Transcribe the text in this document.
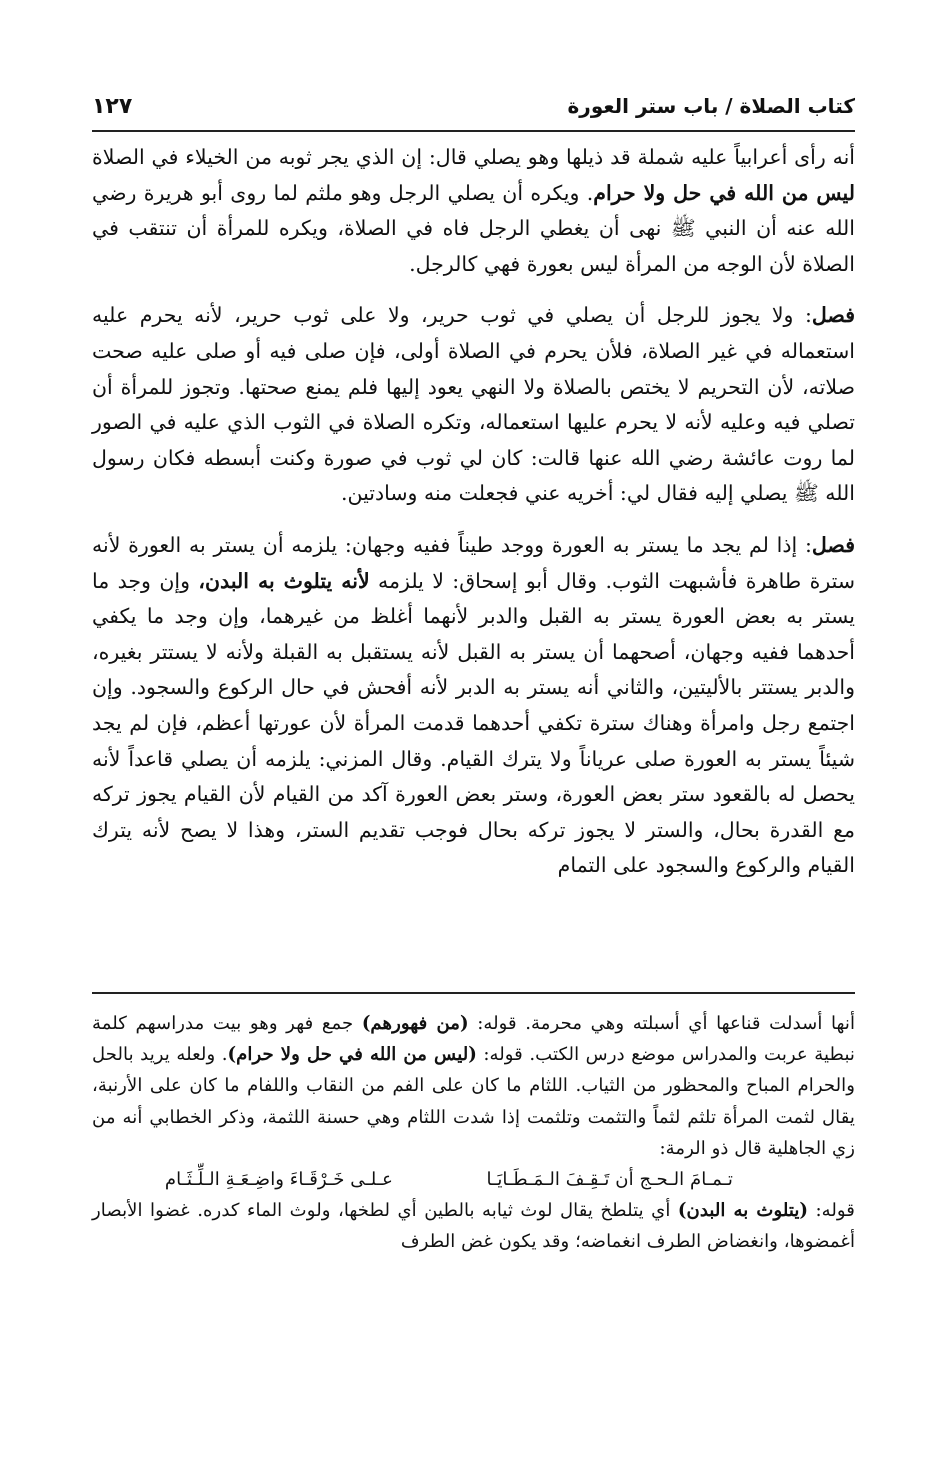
كتاب الصلاة / باب ستر العورة
١٢٧

أنه رأى أعرابياً عليه شملة قد ذيلها وهو يصلي قال: إن الذي يجر ثوبه من الخيلاء في الصلاة ليس من الله في حل ولا حرام. ويكره أن يصلي الرجل وهو ملثم لما روى أبو هريرة رضي الله عنه أن النبي ﷺ نهى أن يغطي الرجل فاه في الصلاة، ويكره للمرأة أن تنتقب في الصلاة لأن الوجه من المرأة ليس بعورة فهي كالرجل.

فصل: ولا يجوز للرجل أن يصلي في ثوب حرير، ولا على ثوب حرير، لأنه يحرم عليه استعماله في غير الصلاة، فلأن يحرم في الصلاة أولى، فإن صلى فيه أو صلى عليه صحت صلاته، لأن التحريم لا يختص بالصلاة ولا النهي يعود إليها فلم يمنع صحتها. وتجوز للمرأة أن تصلي فيه وعليه لأنه لا يحرم عليها استعماله، وتكره الصلاة في الثوب الذي عليه في الصور لما روت عائشة رضي الله عنها قالت: كان لي ثوب في صورة وكنت أبسطه فكان رسول الله ﷺ يصلي إليه فقال لي: أخريه عني فجعلت منه وسادتين.

فصل: إذا لم يجد ما يستر به العورة ووجد طيناً ففيه وجهان: يلزمه أن يستر به العورة لأنه سترة طاهرة فأشبهت الثوب. وقال أبو إسحاق: لا يلزمه لأنه يتلوث به البدن، وإن وجد ما يستر به بعض العورة يستر به القبل والدبر لأنهما أغلظ من غيرهما، وإن وجد ما يكفي أحدهما ففيه وجهان، أصحهما أن يستر به القبل لأنه يستقبل به القبلة ولأنه لا يستتر بغيره، والدبر يستتر بالأليتين، والثاني أنه يستر به الدبر لأنه أفحش في حال الركوع والسجود. وإن اجتمع رجل وامرأة وهناك سترة تكفي أحدهما قدمت المرأة لأن عورتها أعظم، فإن لم يجد شيئاً يستر به العورة صلى عرياناً ولا يترك القيام. وقال المزني: يلزمه أن يصلي قاعداً لأنه يحصل له بالقعود ستر بعض العورة، وستر بعض العورة آكد من القيام لأن القيام يجوز تركه مع القدرة بحال، والستر لا يجوز تركه بحال فوجب تقديم الستر، وهذا لا يصح لأنه يترك القيام والركوع والسجود على التمام

أنها أسدلت قناعها أي أسبلته وهي محرمة. قوله: (من فهورهم) جمع فهر وهو بيت مدراسهم كلمة نبطية عربت والمدراس موضع درس الكتب. قوله: (ليس من الله في حل ولا حرام). ولعله يريد بالحل والحرام المباح والمحظور من الثياب. اللثام ما كان على الفم من النقاب واللفام ما كان على الأرنبة، يقال لثمت المرأة تلثم لثماً والتثمت وتلثمت إذا شدت اللثام وهي حسنة اللثمة، وذكر الخطابي أنه من زي الجاهلية قال ذو الرمة:

تـمـامَ الـحـج أن تَـقِـفَ الـمَـطَـايَـا
عـلـى خَـرْقَـاءَ واضِـعَـةِ الـلِّـثَـام

قوله: (يتلوث به البدن) أي يتلطخ يقال لوث ثيابه بالطين أي لطخها، ولوث الماء كدره. غضوا الأبصار أغمضوها، وانغضاض الطرف انغماضه؛ وقد يكون غض الطرف
